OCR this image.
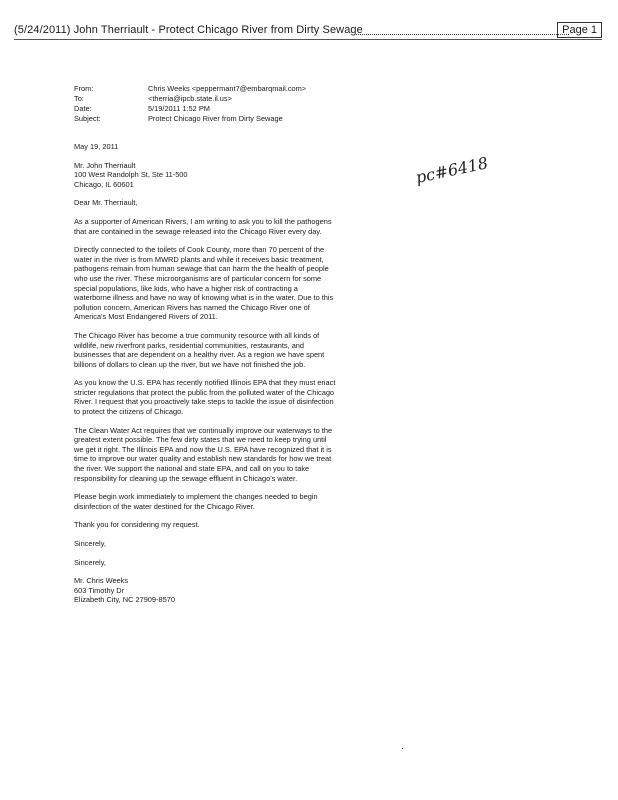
(5/24/2011) John Therriault - Protect Chicago River from Dirty Sewage	Page 1
From:	Chris Weeks <peppermant7@embarqmail.com>
To:	<therria@ipcb.state.il.us>
Date:	5/19/2011 1:52 PM
Subject:	Protect Chicago River from Dirty Sewage

May 19, 2011

Mr. John Therriault
100 West Randolph St, Ste 11-500
Chicago, IL 60601

Dear Mr. Therriault,

As a supporter of American Rivers, I am writing to ask you to kill the pathogens that are contained in the sewage released into the Chicago River every day.

Directly connected to the toilets of Cook County, more than 70 percent of the water in the river is from MWRD plants and while it receives basic treatment, pathogens remain from human sewage that can harm the the health of people who use the river. These microorganisms are of particular concern for some special populations, like kids, who have a higher risk of contracting a waterborne illness and have no way of knowing what is in the water. Due to this pollution concern, American Rivers has named the Chicago River one of America's Most Endangered Rivers of 2011.

The Chicago River has become a true community resource with all kinds of wildlife, new riverfront parks, residential communities, restaurants, and businesses that are dependent on a healthy river. As a region we have spent billions of dollars to clean up the river, but we have not finished the job.

As you know the U.S. EPA has recently notified Illinois EPA that they must enact stricter regulations that protect the public from the polluted water of the Chicago River. I request that you proactively take steps to tackle the issue of disinfection to protect the citizens of Chicago.

The Clean Water Act requires that we continually improve our waterways to the greatest extent possible. The few dirty states that we need to keep trying until we get it right. The Illinois EPA and now the U.S. EPA have recognized that it is time to improve our water quality and establish new standards for how we treat the river. We support the national and state EPA, and call on you to take responsibility for cleaning up the sewage effluent in Chicago's water.

Please begin work immediately to implement the changes needed to begin disinfection of the water destined for the Chicago River.

Thank you for considering my request.

Sincerely,

Sincerely,

Mr. Chris Weeks
603 Timothy Dr
Elizabeth City, NC 27909-8570
pc#6418
